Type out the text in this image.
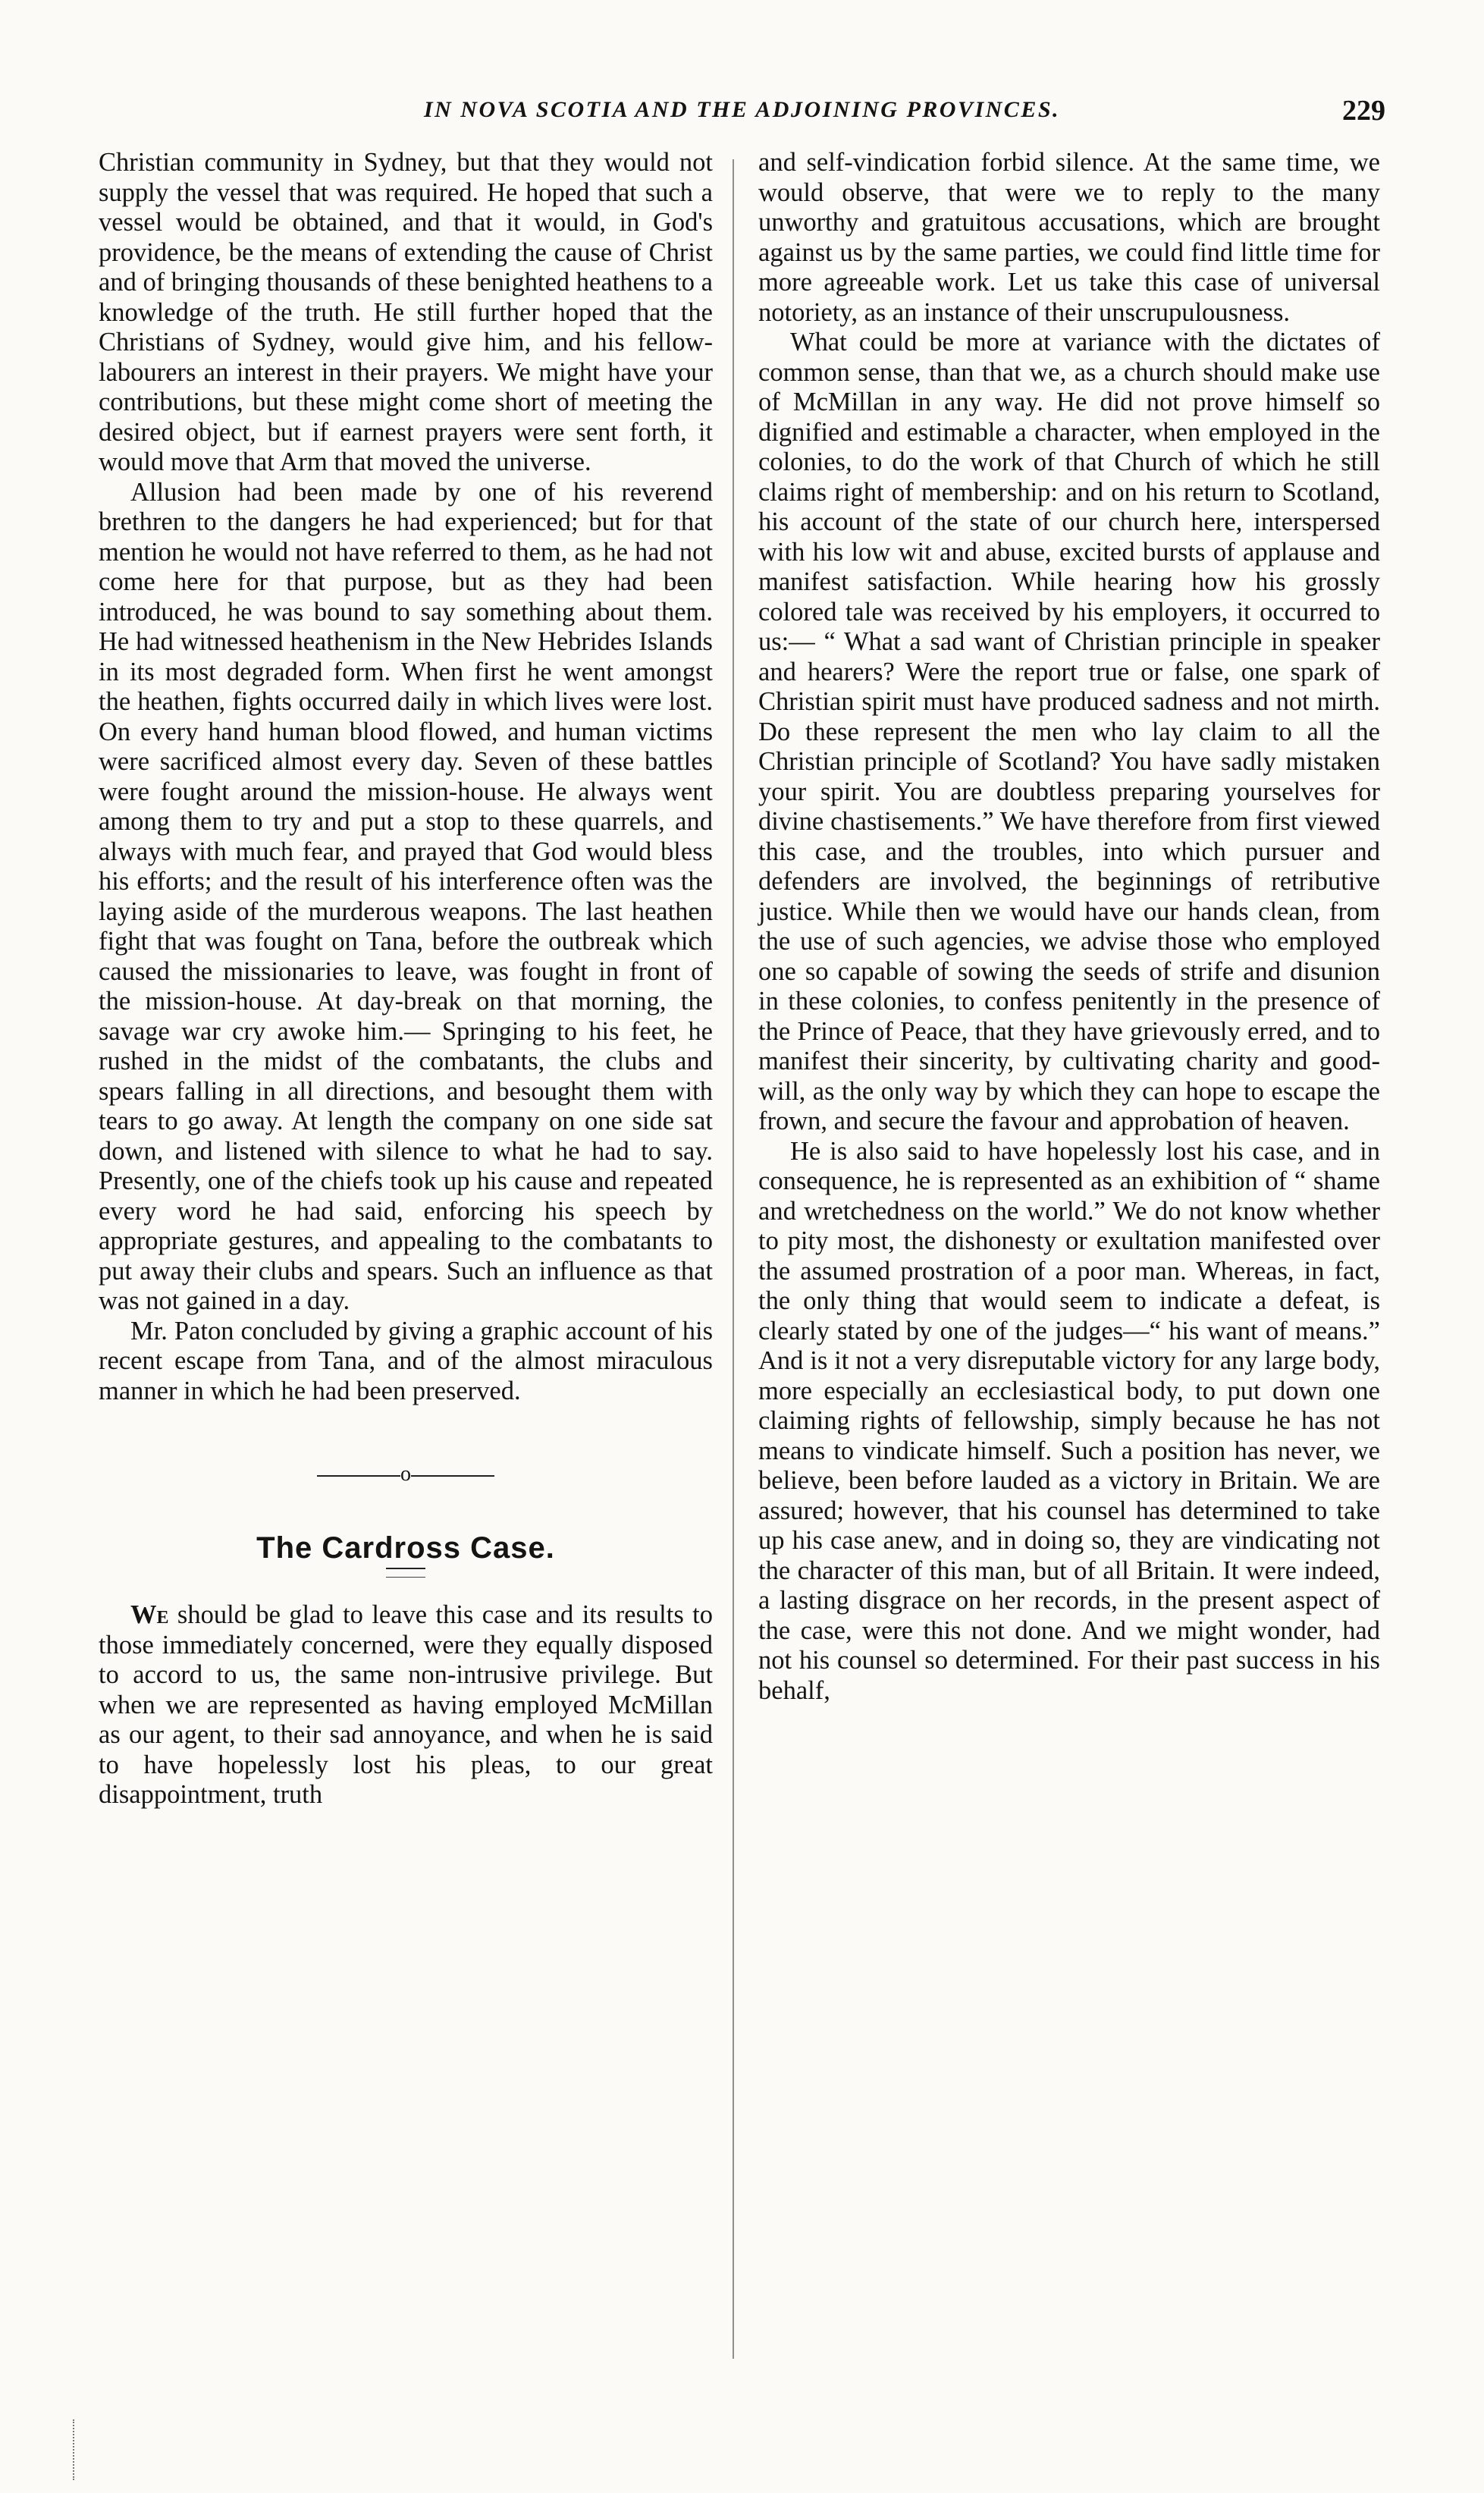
IN NOVA SCOTIA AND THE ADJOINING PROVINCES.	229

Christian community in Sydney, but that they would not supply the vessel that was required. He hoped that such a vessel would be obtained, and that it would, in God's providence, be the means of extending the cause of Christ and of bringing thousands of these benighted heathens to a knowledge of the truth. He still further hoped that the Christians of Sydney, would give him, and his fellow-labourers an interest in their prayers. We might have your contributions, but these might come short of meeting the desired object, but if earnest prayers were sent forth, it would move that Arm that moved the universe.

Allusion had been made by one of his reverend brethren to the dangers he had experienced; but for that mention he would not have referred to them, as he had not come here for that purpose, but as they had been introduced, he was bound to say something about them. He had witnessed heathenism in the New Hebrides Islands in its most degraded form. When first he went amongst the heathen, fights occurred daily in which lives were lost. On every hand human blood flowed, and human victims were sacrificed almost every day. Seven of these battles were fought around the mission-house. He always went among them to try and put a stop to these quarrels, and always with much fear, and prayed that God would bless his efforts; and the result of his interference often was the laying aside of the murderous weapons. The last heathen fight that was fought on Tana, before the outbreak which caused the missionaries to leave, was fought in front of the mission-house. At day-break on that morning, the savage war cry awoke him.— Springing to his feet, he rushed in the midst of the combatants, the clubs and spears falling in all directions, and besought them with tears to go away. At length the company on one side sat down, and listened with silence to what he had to say. Presently, one of the chiefs took up his cause and repeated every word he had said, enforcing his speech by appropriate gestures, and appealing to the combatants to put away their clubs and spears. Such an influence as that was not gained in a day.

Mr. Paton concluded by giving a graphic account of his recent escape from Tana, and of the almost miraculous manner in which he had been preserved.

o
The Cardross Case.

We should be glad to leave this case and its results to those immediately concerned, were they equally disposed to accord to us, the same non-intrusive privilege. But when we are represented as having employed McMillan as our agent, to their sad annoyance, and when he is said to have hopelessly lost his pleas, to our great disappointment, truth

and self-vindication forbid silence. At the same time, we would observe, that were we to reply to the many unworthy and gratuitous accusations, which are brought against us by the same parties, we could find little time for more agreeable work. Let us take this case of universal notoriety, as an instance of their unscrupulousness.

What could be more at variance with the dictates of common sense, than that we, as a church should make use of McMillan in any way. He did not prove himself so dignified and estimable a character, when employed in the colonies, to do the work of that Church of which he still claims right of membership: and on his return to Scotland, his account of the state of our church here, interspersed with his low wit and abuse, excited bursts of applause and manifest satisfaction. While hearing how his grossly colored tale was received by his employers, it occurred to us:— “ What a sad want of Christian principle in speaker and hearers? Were the report true or false, one spark of Christian spirit must have produced sadness and not mirth. Do these represent the men who lay claim to all the Christian principle of Scotland? You have sadly mistaken your spirit. You are doubtless preparing yourselves for divine chastisements.” We have therefore from first viewed this case, and the troubles, into which pursuer and defenders are involved, the beginnings of retributive justice. While then we would have our hands clean, from the use of such agencies, we advise those who employed one so capable of sowing the seeds of strife and disunion in these colonies, to confess penitently in the presence of the Prince of Peace, that they have grievously erred, and to manifest their sincerity, by cultivating charity and good-will, as the only way by which they can hope to escape the frown, and secure the favour and approbation of heaven.

He is also said to have hopelessly lost his case, and in consequence, he is represented as an exhibition of “ shame and wretchedness on the world.” We do not know whether to pity most, the dishonesty or exultation manifested over the assumed prostration of a poor man. Whereas, in fact, the only thing that would seem to indicate a defeat, is clearly stated by one of the judges—“ his want of means.” And is it not a very disreputable victory for any large body, more especially an ecclesiastical body, to put down one claiming rights of fellowship, simply because he has not means to vindicate himself. Such a position has never, we believe, been before lauded as a victory in Britain. We are assured; however, that his counsel has determined to take up his case anew, and in doing so, they are vindicating not the character of this man, but of all Britain. It were indeed, a lasting disgrace on her records, in the present aspect of the case, were this not done. And we might wonder, had not his counsel so determined. For their past success in his behalf,
